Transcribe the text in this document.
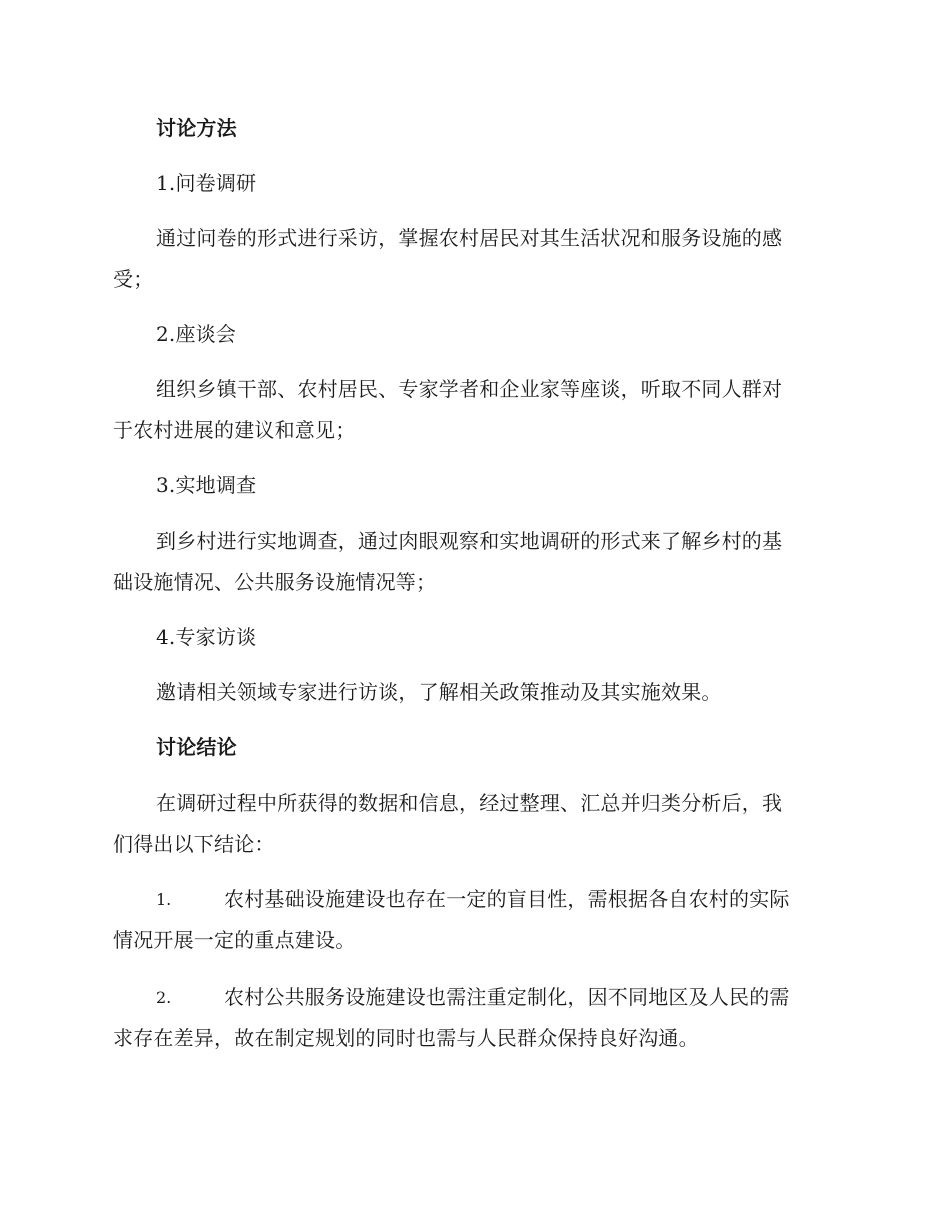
讨论方法
1.问卷调研
通过问卷的形式进行采访，掌握农村居民对其生活状况和服务设施的感
受；
2.座谈会
组织乡镇干部、农村居民、专家学者和企业家等座谈，听取不同人群对
于农村进展的建议和意见；
3.实地调查
到乡村进行实地调查，通过肉眼观察和实地调研的形式来了解乡村的基
础设施情况、公共服务设施情况等；
4.专家访谈
邀请相关领域专家进行访谈，了解相关政策推动及其实施效果。
讨论结论
在调研过程中所获得的数据和信息，经过整理、汇总并归类分析后，我
们得出以下结论：
1.	农村基础设施建设也存在一定的盲目性，需根据各自农村的实际
情况开展一定的重点建设。
2.	农村公共服务设施建设也需注重定制化，因不同地区及人民的需
求存在差异，故在制定规划的同时也需与人民群众保持良好沟通。
